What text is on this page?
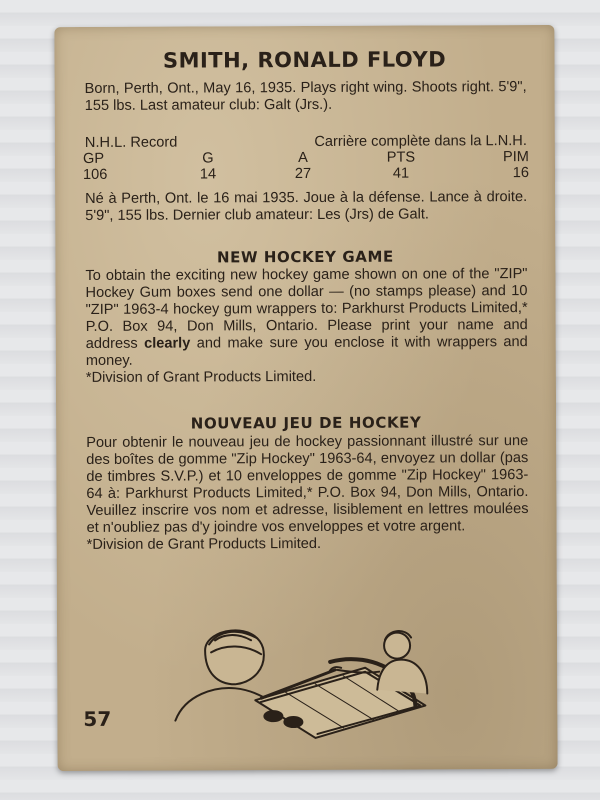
SMITH, RONALD FLOYD
Born, Perth, Ont., May 16, 1935. Plays right wing. Shoots right. 5'9", 155 lbs. Last amateur club: Galt (Jrs.).
N.H.L. Record	Carrière complète dans la L.N.H.
GP	G	A	PTS	PIM
106	14	27	41	16
Né à Perth, Ont. le 16 mai 1935. Joue à la défense. Lance à droite. 5'9", 155 lbs. Dernier club amateur: Les (Jrs) de Galt.
NEW HOCKEY GAME
To obtain the exciting new hockey game shown on one of the "ZIP" Hockey Gum boxes send one dollar — (no stamps please) and 10 "ZIP" 1963-4 hockey gum wrappers to: Parkhurst Products Limited,* P.O. Box 94, Don Mills, Ontario. Please print your name and address clearly and make sure you enclose it with wrappers and money.
*Division of Grant Products Limited.
NOUVEAU JEU DE HOCKEY
Pour obtenir le nouveau jeu de hockey passionnant illustré sur une des boîtes de gomme "Zip Hockey" 1963-64, envoyez un dollar (pas de timbres S.V.P.) et 10 enveloppes de gomme "Zip Hockey" 1963-64 à: Parkhurst Products Limited,* P.O. Box 94, Don Mills, Ontario. Veuillez inscrire vos nom et adresse, lisiblement en lettres moulées et n'oubliez pas d'y joindre vos enveloppes et votre argent.
*Division de Grant Products Limited.
57
